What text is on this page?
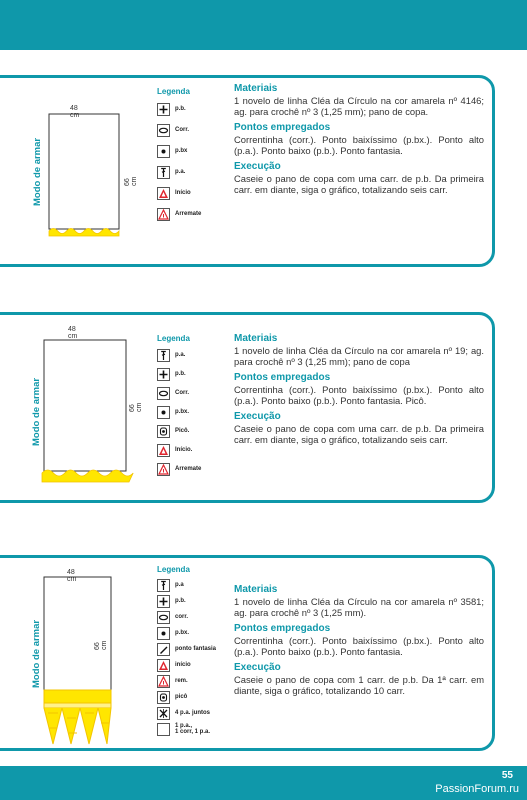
48 cm
66 cm
Modo de armar
Legenda
p.b.
Corr.
p.bx
p.a.
Início
Arremate
Materiais
1 novelo de linha Cléa da Círculo na cor amarela nº 4146; ag. para crochê nº 3 (1,25 mm); pano de copa.
Pontos empregados
Correntinha (corr.). Ponto baixíssimo (p.bx.). Ponto alto (p.a.). Ponto baixo (p.b.). Ponto fantasia.
Execução
Caseie o pano de copa com uma carr. de p.b. Da primeira carr. em diante, siga o gráfico, totalizando seis carr.
48 cm
66 cm
Modo de armar
Legenda
p.a.
p.b.
Corr.
p.bx.
Picô.
Início.
Arremate
Materiais
1 novelo de linha Cléa da Círculo na cor amarela nº 19; ag. para crochê nº 3 (1,25 mm); pano de copa
Pontos empregados
Correntinha (corr.). Ponto baixíssimo (p.bx.). Ponto alto (p.a.). Ponto baixo (p.b.). Ponto fantasia. Picô.
Execução
Caseie o pano de copa com uma carr. de p.b. Da primeira carr. em diante, siga o gráfico, totalizando seis carr.
48 cm
66 cm
Modo de armar
Legenda
p.a
p.b.
corr.
p.bx.
ponto fantasia
início
rem.
picô
4 p.a. juntos
1 p.a.,
1 corr, 1 p.a.
Materiais
1 novelo de linha Cléa da Círculo na cor amarela nº 3581; ag. para crochê nº 3 (1,25 mm).
Pontos empregados
Correntinha (corr.). Ponto baixíssimo (p.bx.). Ponto alto (p.a.). Ponto baixo (p.b.). Ponto fantasia.
Execução
Caseie o pano de copa com 1 carr. de p.b. Da 1ª carr. em diante, siga o gráfico, totalizando 10 carr.
55
PassionForum.ru
